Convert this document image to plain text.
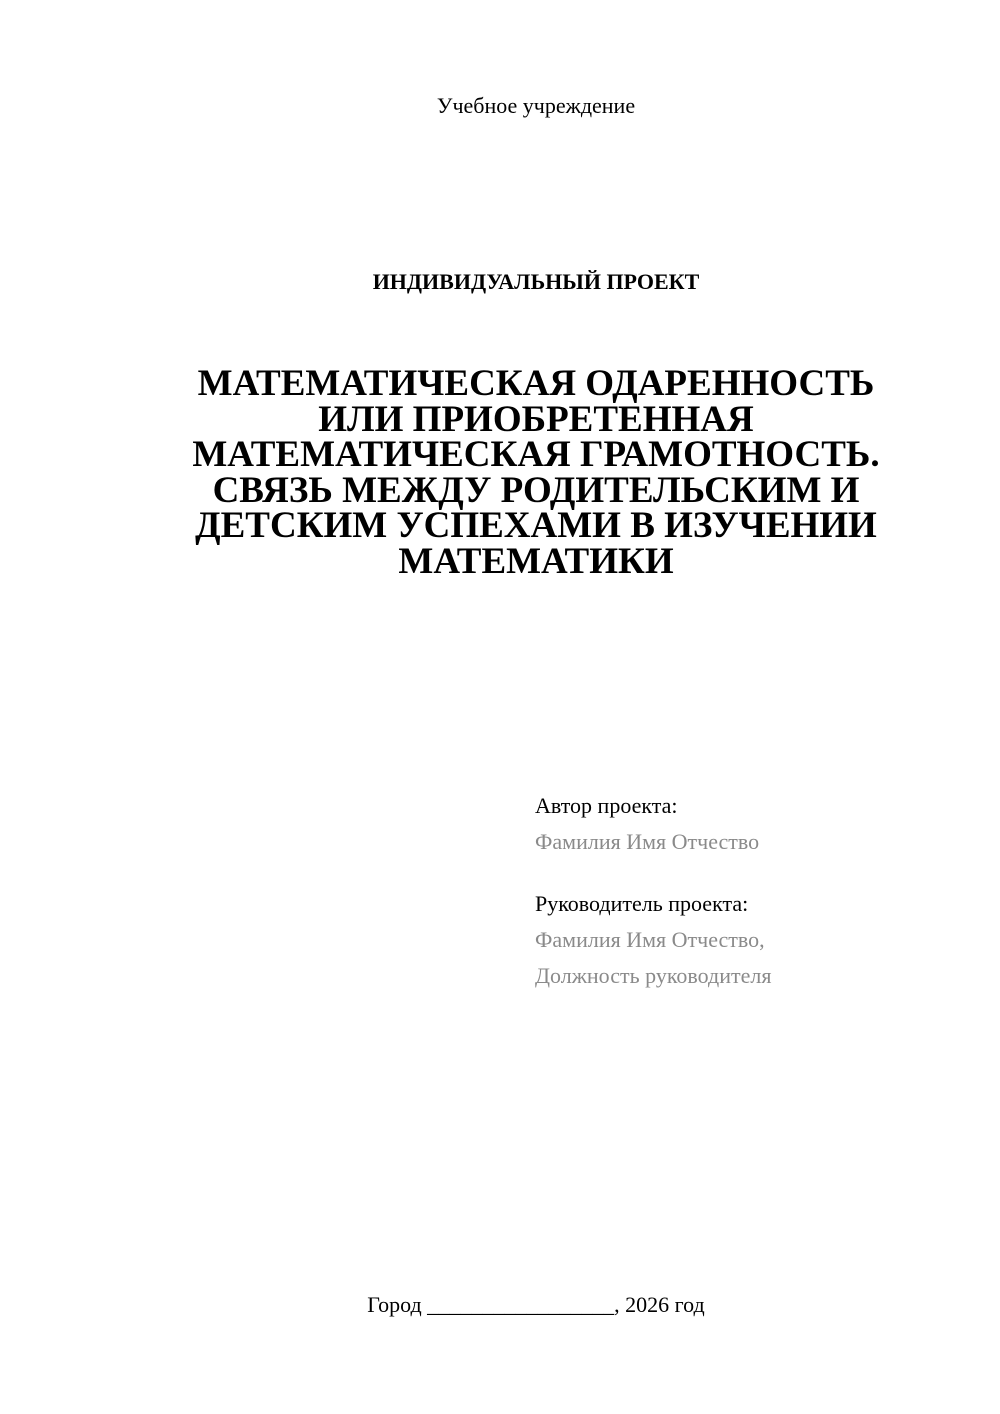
Учебное учреждение
ИНДИВИДУАЛЬНЫЙ ПРОЕКТ
МАТЕМАТИЧЕСКАЯ ОДАРЕННОСТЬ
ИЛИ ПРИОБРЕТЕННАЯ
МАТЕМАТИЧЕСКАЯ ГРАМОТНОСТЬ.
СВЯЗЬ МЕЖДУ РОДИТЕЛЬСКИМ И
ДЕТСКИМ УСПЕХАМИ В ИЗУЧЕНИИ
МАТЕМАТИКИ
Автор проекта:
Фамилия Имя Отчество
Руководитель проекта:
Фамилия Имя Отчество,
Должность руководителя
Город _________________, 2026 год
